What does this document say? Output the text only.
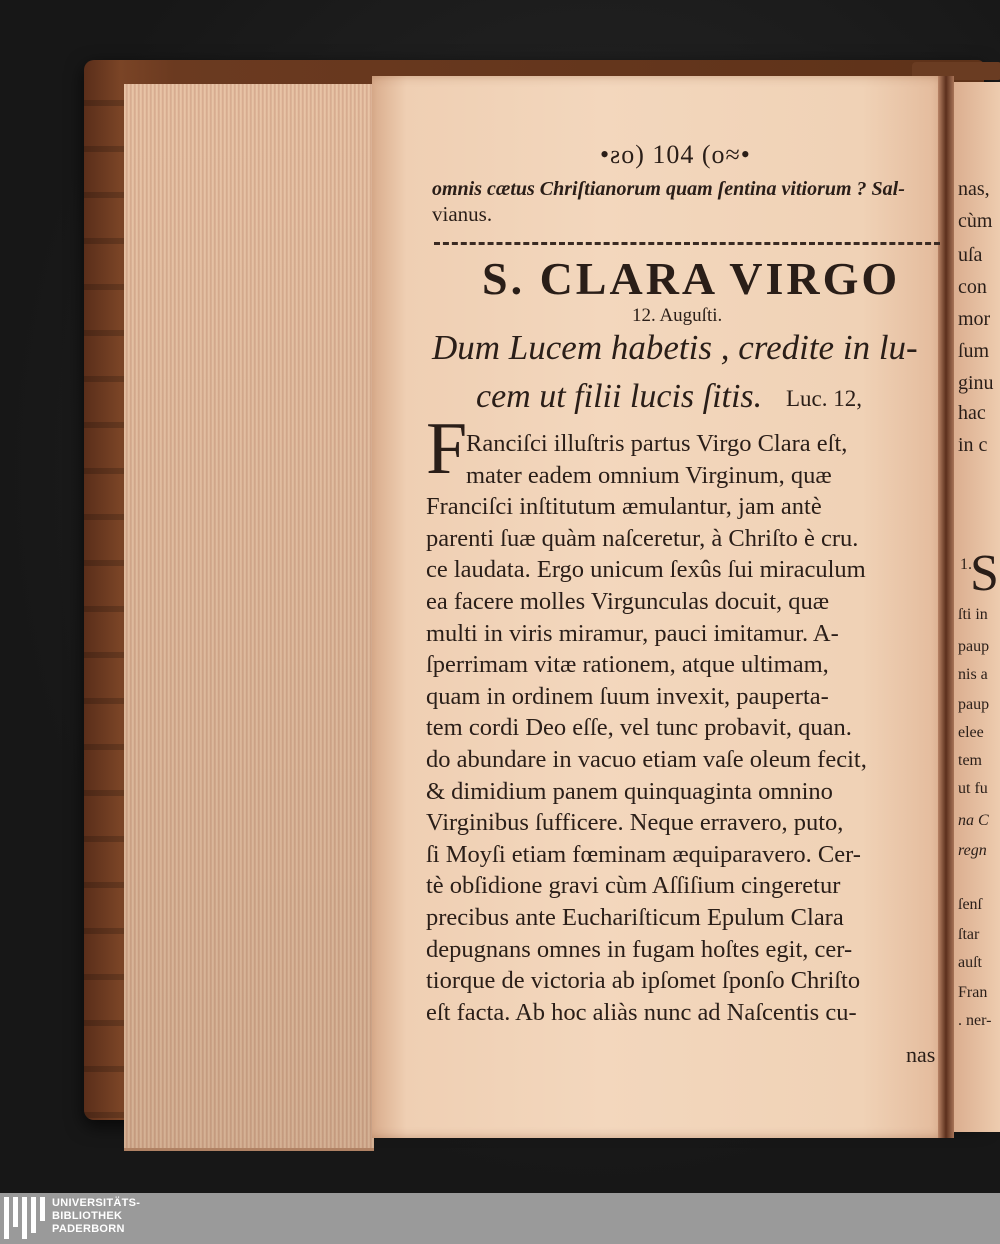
•ƨo) 104 (o≈•
omnis cætus Chriſtianorum quam ſentina vitiorum ? Sal-
vianus.
S. CLARA VIRGO
12. Auguſti.
Dum Lucem habetis , credite in lu-
cem ut filii lucis ſitis. Luc. 12,
F
Ranciſci illuſtris partus Virgo Clara eſt,
mater eadem omnium Virginum, quæ
Franciſci inſtitutum æmulantur, jam antè
parenti ſuæ quàm naſceretur, à Chriſto è cru.
ce laudata. Ergo unicum ſexûs ſui miraculum
ea facere molles Virgunculas docuit, quæ
multi in viris miramur, pauci imitamur. A-
ſperrimam vitæ rationem, atque ultimam,
quam in ordinem ſuum invexit, pauperta-
tem cordi Deo eſſe, vel tunc probavit, quan.
do abundare in vacuo etiam vaſe oleum fecit,
& dimidium panem quinquaginta omnino
Virginibus ſufficere. Neque erravero, puto,
ſi Moyſi etiam fœminam æquiparavero. Cer-
tè obſidione gravi cùm Aſſiſium cingeretur
precibus ante Euchariſticum Epulum Clara
depugnans omnes in fugam hoſtes egit, cer-
tiorque de victoria ab ipſomet ſponſo Chriſto
eſt facta. Ab hoc aliàs nunc ad Naſcentis cu-
nas
nas,
cùm
uſa
con
mor
ſum
ginu
hac
in c
1.
S
ſti in
paup
nis a
paup
elee
tem
ut fu
na C
regn
ſenſ
ſtar
auſt
Fran
. ner-
UNIVERSITÄTS-
BIBLIOTHEK
PADERBORN
